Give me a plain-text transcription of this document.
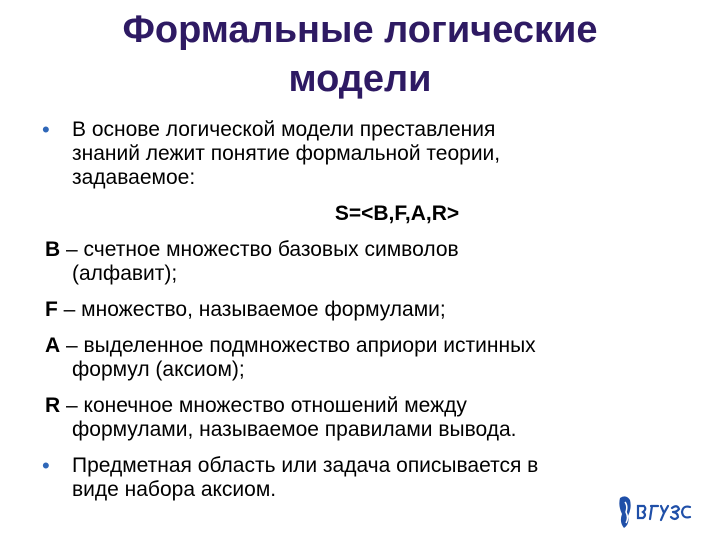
Формальные логические
модели
• В основе логической модели преставления
знаний лежит понятие формальной теории,
задаваемое:
S=<B,F,A,R>
B – счетное множество базовых символов
(алфавит);
F – множество, называемое формулами;
A – выделенное подмножество априори истинных
формул (аксиом);
R – конечное множество отношений между
формулами, называемое правилами вывода.
• Предметная область или задача описывается в
виде набора аксиом.
